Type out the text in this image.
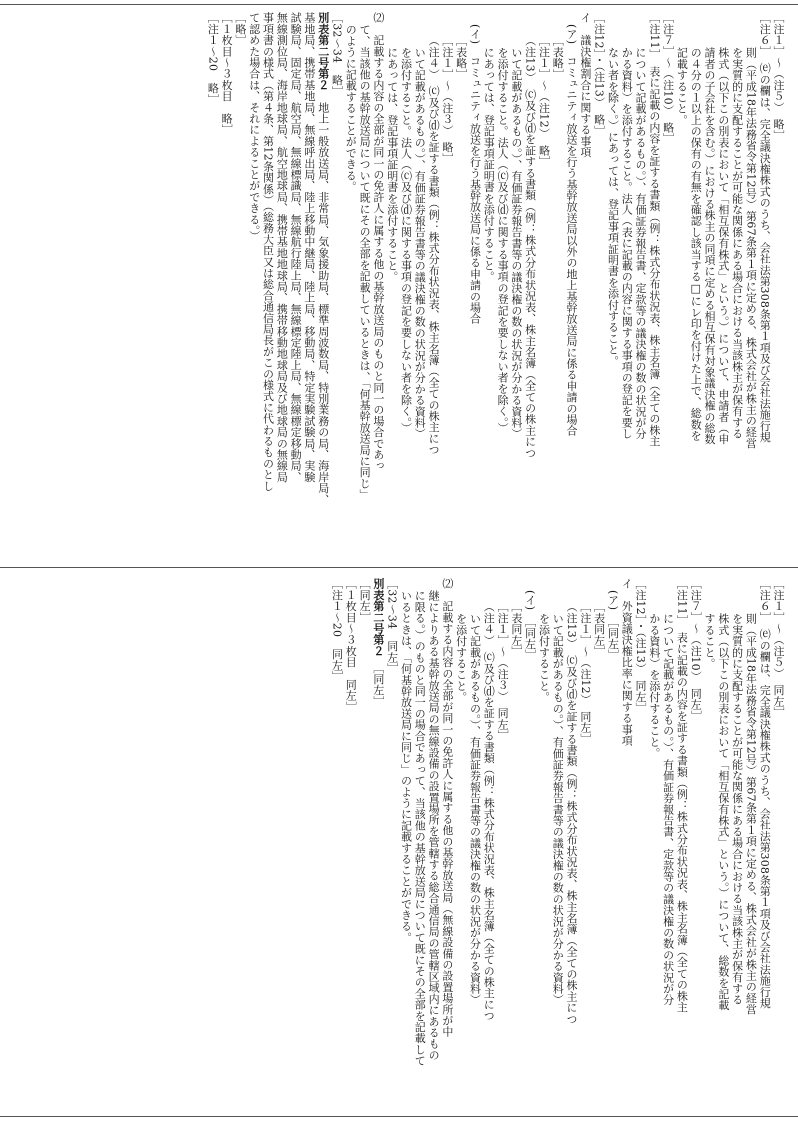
［注１］～（注５）　略］

［注６］　⒠の欄は、完全議決権株式のうち、会社法第308条第１項及び会社法施行規

則（平成18年法務省令第12号）第67条第１項に定める、株式会社が株主の経営

を実質的に支配することが可能な関係にある場合における当該株主が保有する

株式（以下この別表において「相互保有株式」という。）について、申請者（申

請者の子会社を含む。）における株主の同項に定める相互保有対象議決権の総数

の４分の１以上の保有の有無を確認し該当する□にレ印を付けた上で、総数を

記載すること。

［注７］～（注10）　略］

［注11］　表に記載の内容を証する書類（例：株式分布状況表、株主名簿（全ての株主

について記載があるもの。）、有価証券報告書、定款等の議決権の数の状況が分

かる資料）を添付すること。法人（表に記載の内容に関する事項の登記を要し

ない者を除く。）にあっては、登記事項証明書を添付すること。

［注12］・（注13）　略］

イ　議決権割合に関する事項

(ア)　コミュニティ放送を行う基幹放送局以外の地上基幹放送局に係る申請の場合

［表略］

［注１］～（注12）　略］

（注13）　⒞及び⒟を証する書類（例：株式分布状況表、株主名簿（全ての株主につ

いて記載があるもの。）、有価証券報告書等の議決権の数の状況が分かる資料）

を添付すること。法人（⒞及び⒟に関する事項の登記を要しない者を除く。）

にあっては、登記事項証明書を添付すること。

(イ)　コミュニティ放送を行う基幹放送局に係る申請の場合

［表略］

［注１］～（注３）　略］

（注４）　⒞及び⒟を証する書類（例：株式分布状況表、株主名簿（全ての株主につ

いて記載があるもの。）、有価証券報告書等の議決権の数の状況が分かる資料）

を添付すること。法人（⒞及び⒟に関する事項の登記を要しない者を除く。）

にあっては、登記事項証明書を添付すること。

⑵　記載する内容の全部が同一の免許人に属する他の基幹放送局のものと同一の場合であっ

て、当該他の基幹放送局について既にその全部を記載しているときは、「何基幹放送局に同じ」

のように記載することができる。

［32～34　略］

別表第二号第２　地上一般放送局、非常局、気象援助局、標準周波数局、特別業務の局、海岸局、

基地局、携帯基地局、無線呼出局、陸上移動中継局、陸上局、移動局、特定実験試験局、実験

試験局、固定局、航空局、無線標識局、無線航行陸上局、無線標定陸上局、無線標定移動局、

無線測位局、海岸地球局、航空地球局、携帯基地地球局、携帯移動地球局及び地球局の無線局

事項書の様式（第４条、第12条関係）（総務大臣又は総合通信局長がこの様式に代わるものとし

て認めた場合は、それによることができる。）

［略］

［１枚目～３枚目　略］

［注１～20　略］

［注１］～（注５）　同左］

［注６］　⒠の欄は、完全議決権株式のうち、会社法第308条第１項及び会社法施行規

則（平成18年法務省令第12号）第67条第１項に定める、株式会社が株主の経営

を実質的に支配することが可能な関係にある場合における当該株主が保有する

株式（以下この別表において「相互保有株式」という。）について、総数を記載

すること。

［注７］～（注10）　同左］

［注11］　表に記載の内容を証する書類（例：株式分布状況表、株主名簿（全ての株主

について記載があるもの。）、有価証券報告書、定款等の議決権の数の状況が分

かる資料）を添付すること。

［注12］・（注13）　同左］

イ　外資議決権比率に関する事項

(ア)　［同左］

［表同左］

［注１］～（注12）　同左］

（注13）　⒞及び⒟を証する書類（例：株式分布状況表、株主名簿（全ての株主につ

いて記載があるもの。）、有価証券報告書等の議決権の数の状況が分かる資料）

を添付すること。

(イ)　［同左］

［表同左］

［注１］～（注３）　同左］

（注４）　⒞及び⒟を証する書類（例：株式分布状況表、株主名簿（全ての株主につ

いて記載があるもの。）、有価証券報告書等の議決権の数の状況が分かる資料）

を添付すること。

⑵　記載する内容の全部が同一の免許人に属する他の基幹放送局（無線設備の設置場所が中

継によりある基幹放送局の無線設備の設置場所を管轄する総合通信局の管轄区域内にあるもの

に限る。）のものと同一の場合であって、当該他の基幹放送局について既にその全部を記載して

いるときは、「何基幹放送局に同じ」のように記載することができる。

［32～34　同左］

別表第二号第２　［同左］

［同左］

［１枚目～３枚目　同左］

［注１～20　同左］
